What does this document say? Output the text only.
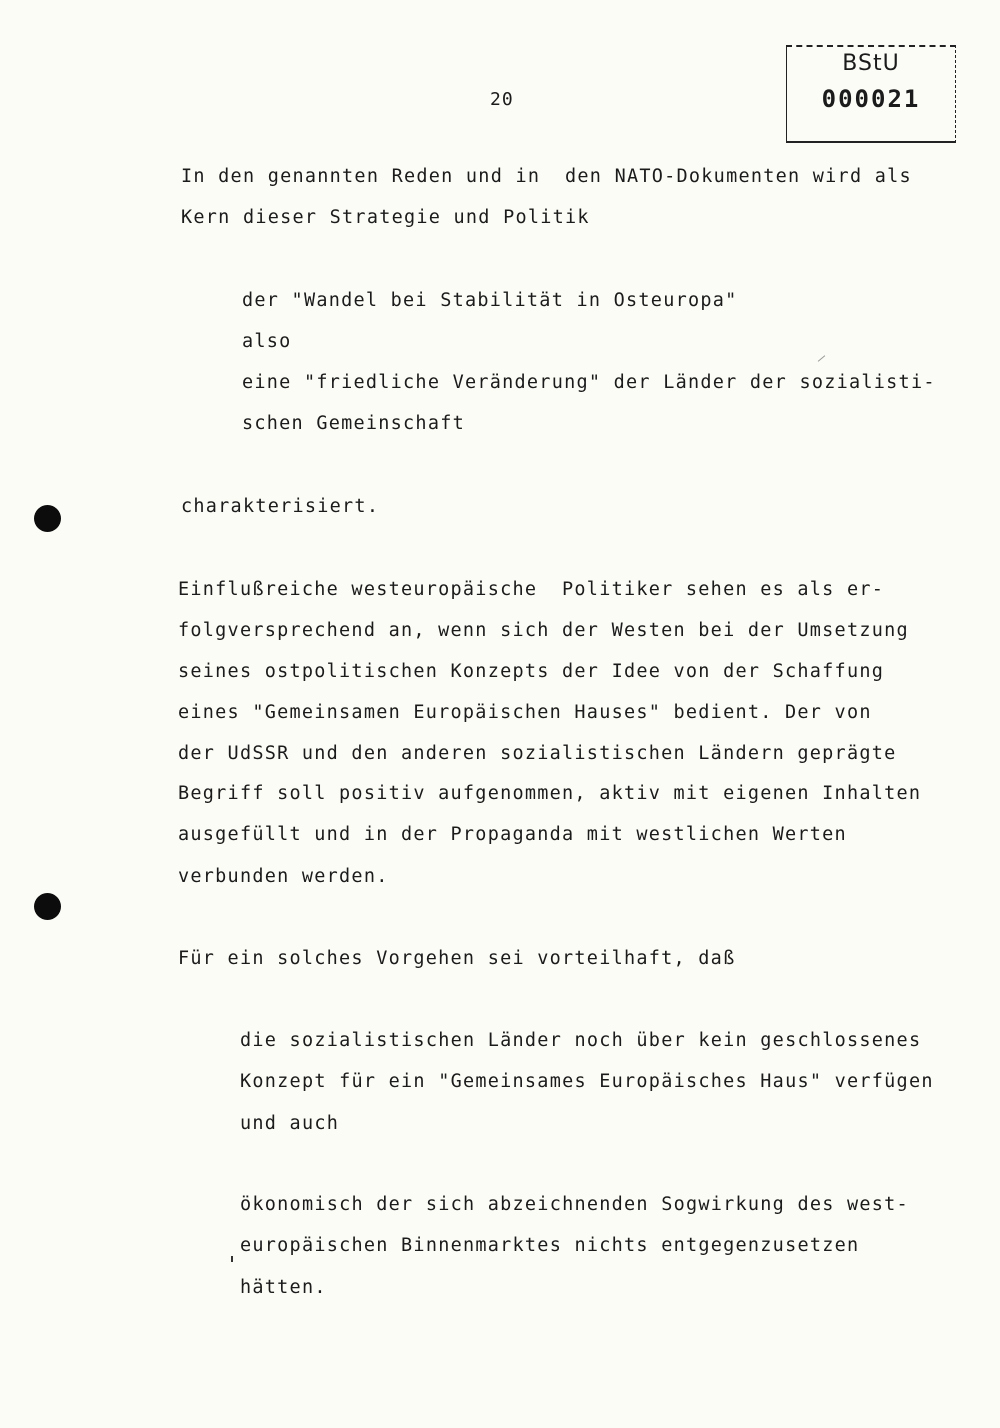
BStU
000021
20
In den genannten Reden und in  den NATO-Dokumenten wird als
Kern dieser Strategie und Politik
der "Wandel bei Stabilität in Osteuropa"
also
eine "friedliche Veränderung" der Länder der sozialisti-
schen Gemeinschaft
charakterisiert.
Einflußreiche westeuropäische  Politiker sehen es als er-
folgversprechend an, wenn sich der Westen bei der Umsetzung
seines ostpolitischen Konzepts der Idee von der Schaffung
eines "Gemeinsamen Europäischen Hauses" bedient. Der von
der UdSSR und den anderen sozialistischen Ländern geprägte
Begriff soll positiv aufgenommen, aktiv mit eigenen Inhalten
ausgefüllt und in der Propaganda mit westlichen Werten
verbunden werden.
Für ein solches Vorgehen sei vorteilhaft, daß
die sozialistischen Länder noch über kein geschlossenes
Konzept für ein "Gemeinsames Europäisches Haus" verfügen
und auch
ökonomisch der sich abzeichnenden Sogwirkung des west-
europäischen Binnenmarktes nichts entgegenzusetzen
hätten.
